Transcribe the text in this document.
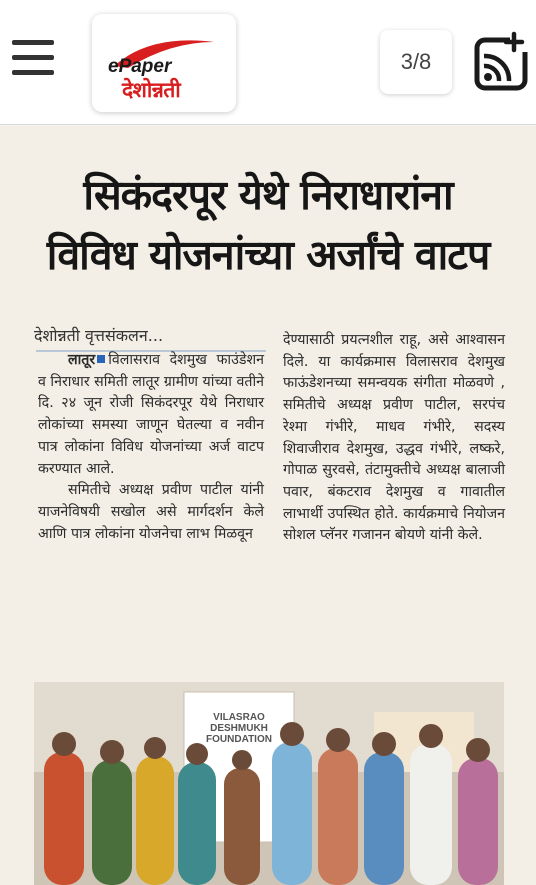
ePaper
देशोन्नती
3/8
सिकंदरपूर येथे निराधारांना
विविध योजनांच्या अर्जांचे वाटप
देशोन्नती वृत्तसंकलन...

लातूर विलासराव देशमुख फाउंडेशन व निराधार समिती लातूर ग्रामीण यांच्या वतीने दि. २४ जून रोजी सिकंदरपूर येथे निराधार लोकांच्या समस्या जाणून घेतल्या व नवीन पात्र लोकांना विविध योजनांच्या अर्ज वाटप करण्यात आले.

समितीचे अध्यक्ष प्रवीण पाटील यांनी याजनेविषयी सखोल असे मार्गदर्शन केले आणि पात्र लोकांना योजनेचा लाभ मिळवून

देण्यासाठी प्रयत्नशील राहू, असे आश्वासन दिले. या कार्यक्रमास विलासराव देशमुख फाऊंडेशनच्या समन्वयक संगीता मोळवणे , समितीचे अध्यक्ष प्रवीण पाटील, सरपंच रेश्मा गंभीरे, माधव गंभीरे, सदस्य शिवाजीराव देशमुख, उद्धव गंभीरे, लष्करे, गोपाळ सुरवसे, तंटामुक्तीचे अध्यक्ष बालाजी पवार, बंकटराव देशमुख व गावातील लाभार्थी उपस्थित होते. कार्यक्रमाचे नियोजन सोशल प्लॅनर गजानन बोयणे यांनी केले.

VILASRAO DESHMUKH FOUNDATION
